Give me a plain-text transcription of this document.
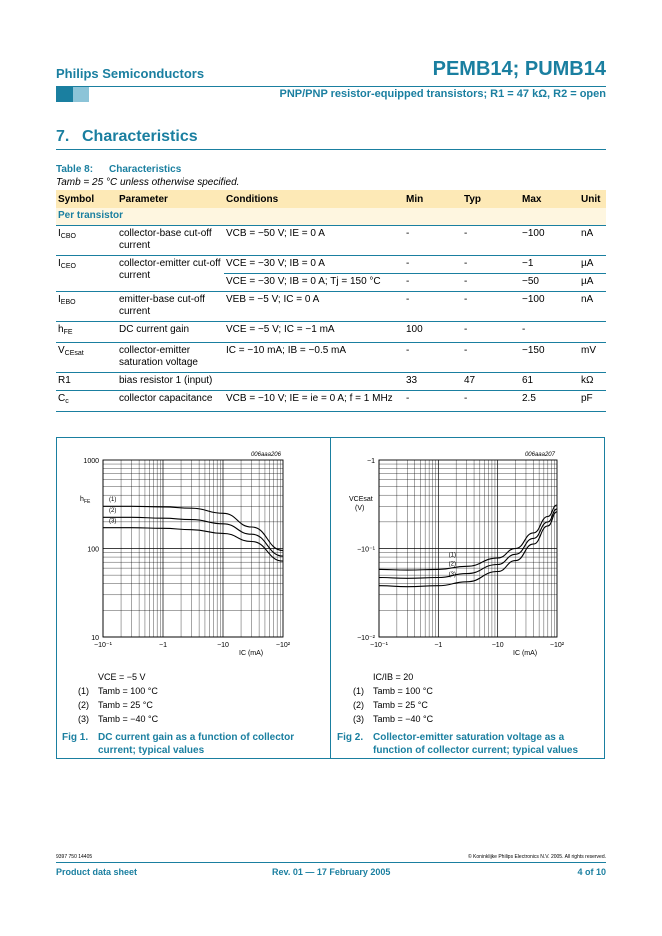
Philips Semiconductors	PEMB14; PUMB14
PNP/PNP resistor-equipped transistors; R1 = 47 kΩ, R2 = open
7. Characteristics
Table 8: Characteristics
Tamb = 25 °C unless otherwise specified.
Symbol	Parameter	Conditions	Min	Typ	Max	Unit
Per transistor						
$I_{CBO}$	collector-base cut-off current	VCB = −50 V; IE = 0 A	-	-	−100	nA
$I_{CEO}$	collector-emitter cut-off current	VCE = −30 V; IB = 0 A	-	-	−1	µA
		VCE = −30 V; IB = 0 A; Tj = 150 °C	-	-	−50	µA
$I_{EBO}$	emitter-base cut-off current	VEB = −5 V; IC = 0 A	-	-	−100	nA
$h_{FE}$	DC current gain	VCE = −5 V; IC = −1 mA	100	-	-	
$V_{CEsat}$	collector-emitter saturation voltage	IC = −10 mA; IB = −0.5 mA	-	-	−150	mV
R1	bias resistor 1 (input)		33	47	61	kΩ
$C_c$	collector capacitance	VCB = −10 V; IE = ie = 0 A; f = 1 MHz	-	-	2.5	pF
−10⁻¹	−1	−10	−10²
10
100
1000
(1)
(2)
(3)
006aaa206
h FE
IC (mA)
−10⁻¹	−1	−10	−10²
−10⁻²
−10⁻¹
−1
(1)
(2)
(3)
006aaa207
VCEsat
(V)
IC (mA)
VCE = −5 V
(1) Tamb = 100 °C
(2) Tamb = 25 °C
(3) Tamb = −40 °C
Fig 1. DC current gain as a function of collector current; typical values
IC/IB = 20
(1) Tamb = 100 °C
(2) Tamb = 25 °C
(3) Tamb = −40 °C
Fig 2. Collector-emitter saturation voltage as a function of collector current; typical values
9397 750 14405	© Koninklijke Philips Electronics N.V. 2005. All rights reserved.
Product data sheet	Rev. 01 — 17 February 2005	4 of 10
